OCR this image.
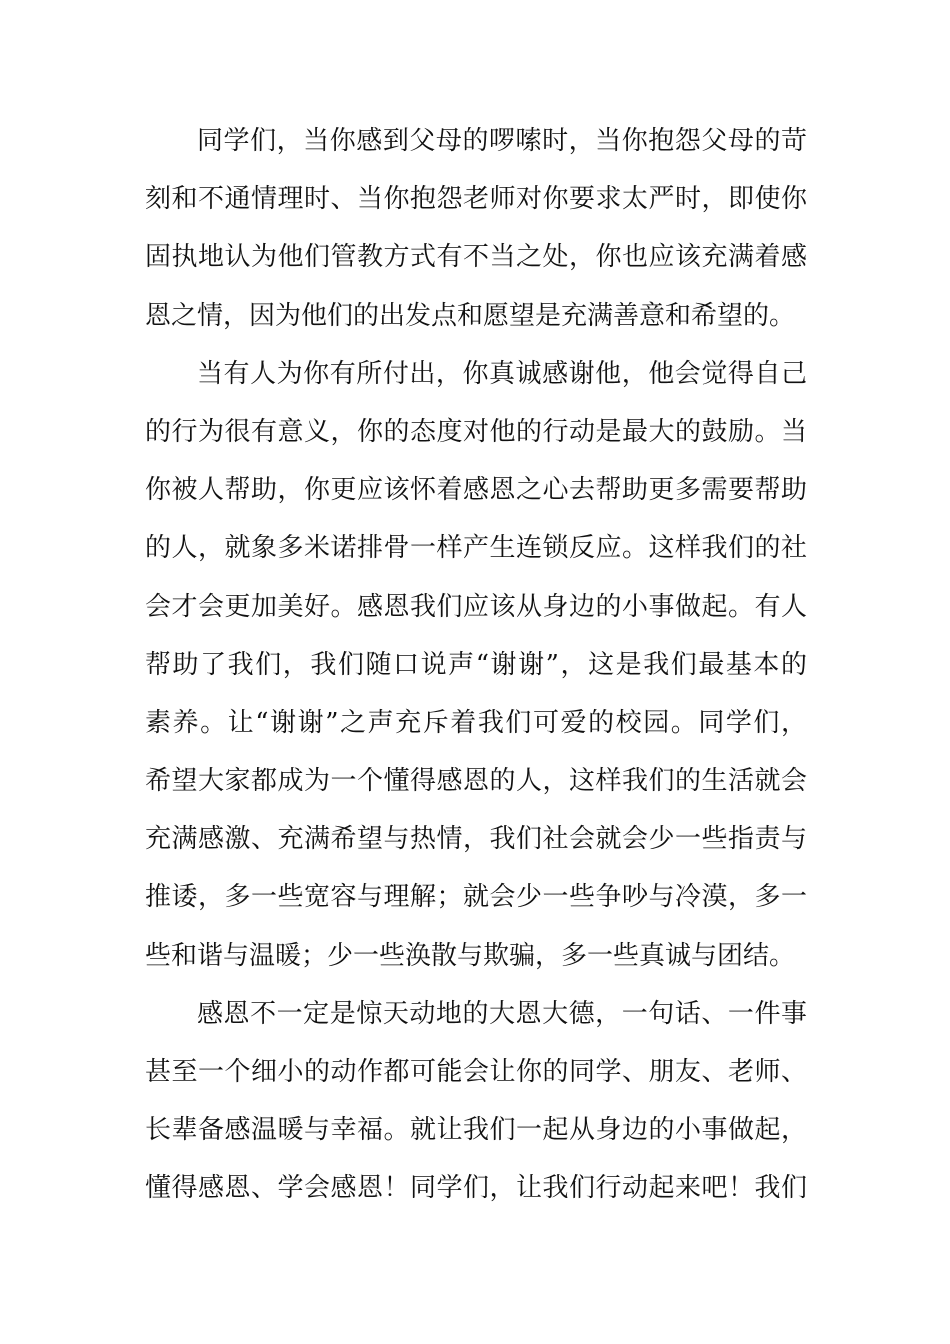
同学们，当你感到父母的啰嗦时，当你抱怨父母的苛
刻和不通情理时、当你抱怨老师对你要求太严时，即使你
固执地认为他们管教方式有不当之处，你也应该充满着感
恩之情，因为他们的出发点和愿望是充满善意和希望的。
当有人为你有所付出，你真诚感谢他，他会觉得自己
的行为很有意义，你的态度对他的行动是最大的鼓励。当
你被人帮助，你更应该怀着感恩之心去帮助更多需要帮助
的人，就象多米诺排骨一样产生连锁反应。这样我们的社
会才会更加美好。感恩我们应该从身边的小事做起。有人
帮助了我们，我们随口说声“谢谢”，这是我们最基本的
素养。让“谢谢”之声充斥着我们可爱的校园。同学们，
希望大家都成为一个懂得感恩的人，这样我们的生活就会
充满感激、充满希望与热情，我们社会就会少一些指责与
推诿，多一些宽容与理解；就会少一些争吵与冷漠，多一
些和谐与温暖；少一些涣散与欺骗，多一些真诚与团结。
感恩不一定是惊天动地的大恩大德，一句话、一件事
甚至一个细小的动作都可能会让你的同学、朋友、老师、
长辈备感温暖与幸福。就让我们一起从身边的小事做起，
懂得感恩、学会感恩！同学们，让我们行动起来吧！我们
